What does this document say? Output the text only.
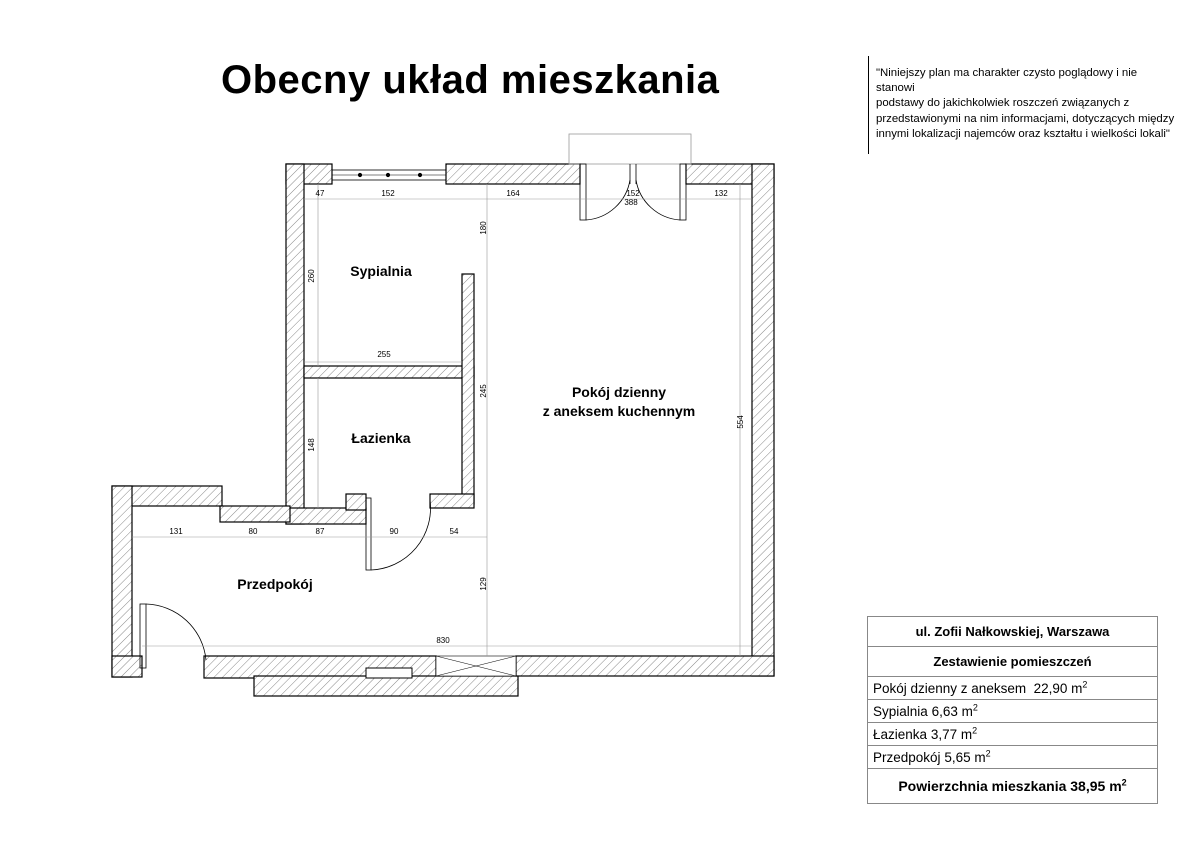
Obecny układ mieszkania	"Niniejszy plan ma charakter czysto poglądowy i nie stanowi
podstawy do jakichkolwiek roszczeń związanych z
przedstawionymi na nim informacjami, dotyczących między
innymi lokalizacji najemców oraz kształtu i wielkości lokali"
47	152	164	152
388
132
180
260
255
245
148
554
131	80	87	90	54
129
830
Sypialnia
Łazienka
Pokój dzienny
z aneksem kuchennym
Przedpokój
ul. Zofii Nałkowskiej, Warszawa
Zestawienie pomieszczeń
Pokój dzienny z aneksem 22,90 $m^2$
Sypialnia 6,63 $m^2$
Łazienka 3,77 $m^2$
Przedpokój 5,65 $m^2$
Powierzchnia mieszkania 38,95 $m^2$
